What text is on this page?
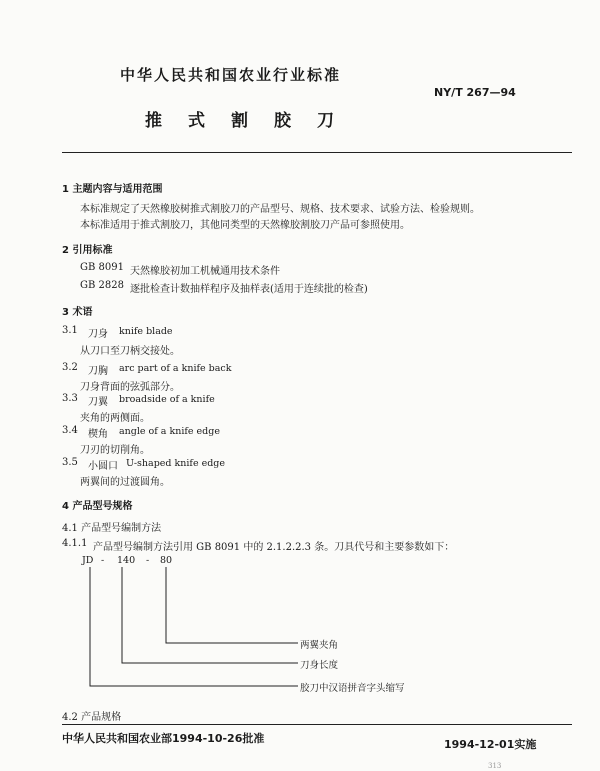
中华人民共和国农业行业标准
NY/T 267—94
推式割胶刀
1 主题内容与适用范围
本标准规定了天然橡胶树推式割胶刀的产品型号、规格、技术要求、试验方法、检验规则。
本标准适用于推式割胶刀，其他同类型的天然橡胶割胶刀产品可参照使用。
2 引用标准
GB 8091 天然橡胶初加工机械通用技术条件
GB 2828 逐批检查计数抽样程序及抽样表(适用于连续批的检查)
3 术语
3.1 刀身 knife blade
从刀口至刀柄交接处。
3.2 刀胸 arc part of a knife back
刀身背面的弦弧部分。
3.3 刀翼 broadside of a knife
夹角的两侧面。
3.4 楔角 angle of a knife edge
刀刃的切削角。
3.5 小圆口 U-shaped knife edge
两翼间的过渡圆角。
4 产品型号规格
4.1 产品型号编制方法
4.1.1 产品型号编制方法引用 GB 8091 中的 2.1.2.2.3 条。刀具代号和主要参数如下：
JD - 140 - 80
两翼夹角
刀身长度
胶刀中汉语拼音字头缩写
4.2 产品规格
中华人民共和国农业部1994-10-26批准	1994-12-01实施
313
